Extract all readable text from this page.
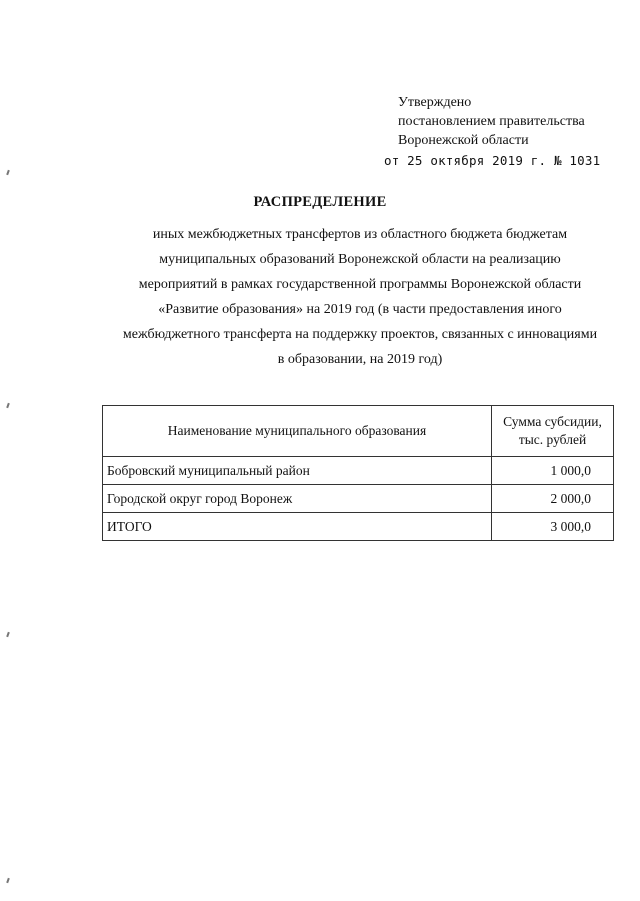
Утверждено
постановлением правительства
Воронежской области
от 25 октября 2019 г. № 1031
РАСПРЕДЕЛЕНИЕ
иных межбюджетных трансфертов из областного бюджета бюджетам
муниципальных образований Воронежской области на реализацию
мероприятий в рамках государственной программы Воронежской области
«Развитие образования» на 2019 год (в части предоставления иного
межбюджетного трансферта на поддержку проектов, связанных с инновациями
в образовании, на 2019 год)
Наименование муниципального образования	Сумма субсидии,
тыс. рублей
Бобровский муниципальный район	1 000,0
Городской округ город Воронеж	2 000,0
ИТОГО	3 000,0
